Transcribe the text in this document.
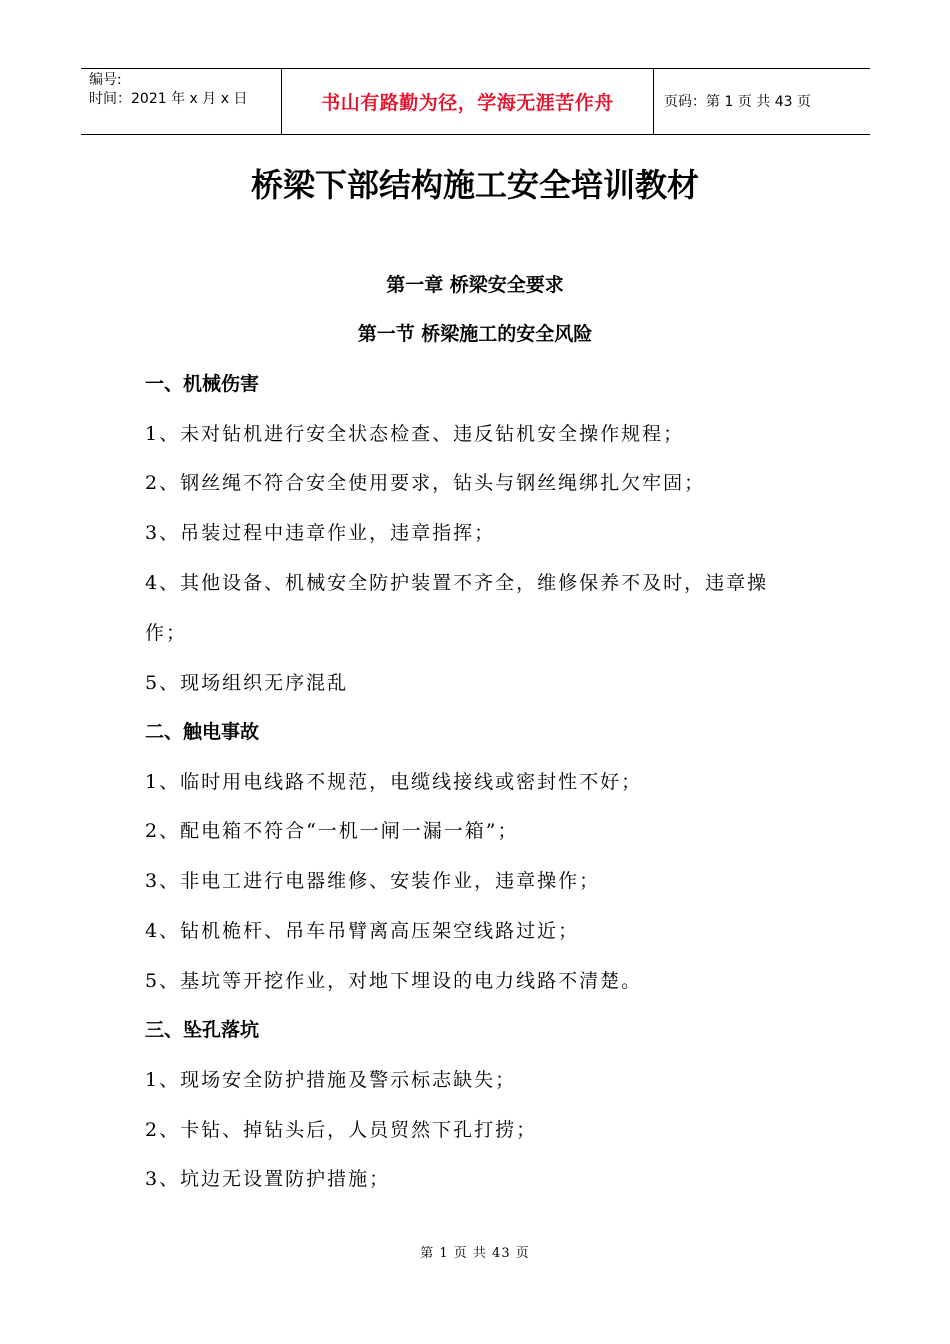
编号:
时间：2021 年 x 月 x 日	书山有路勤为径，学海无涯苦作舟	页码：第 1 页 共 43 页
桥梁下部结构施工安全培训教材
第一章 桥梁安全要求
第一节 桥梁施工的安全风险
一、机械伤害
1、未对钻机进行安全状态检查、违反钻机安全操作规程；
2、钢丝绳不符合安全使用要求，钻头与钢丝绳绑扎欠牢固；
3、吊装过程中违章作业，违章指挥；
4、其他设备、机械安全防护装置不齐全，维修保养不及时，违章操
作；
5、现场组织无序混乱
二、触电事故
1、临时用电线路不规范，电缆线接线或密封性不好；
2、配电箱不符合“一机一闸一漏一箱”；
3、非电工进行电器维修、安装作业，违章操作；
4、钻机桅杆、吊车吊臂离高压架空线路过近；
5、基坑等开挖作业，对地下埋设的电力线路不清楚。
三、坠孔落坑
1、现场安全防护措施及警示标志缺失；
2、卡钻、掉钻头后，人员贸然下孔打捞；
3、坑边无设置防护措施；
第 1 页 共 43 页
